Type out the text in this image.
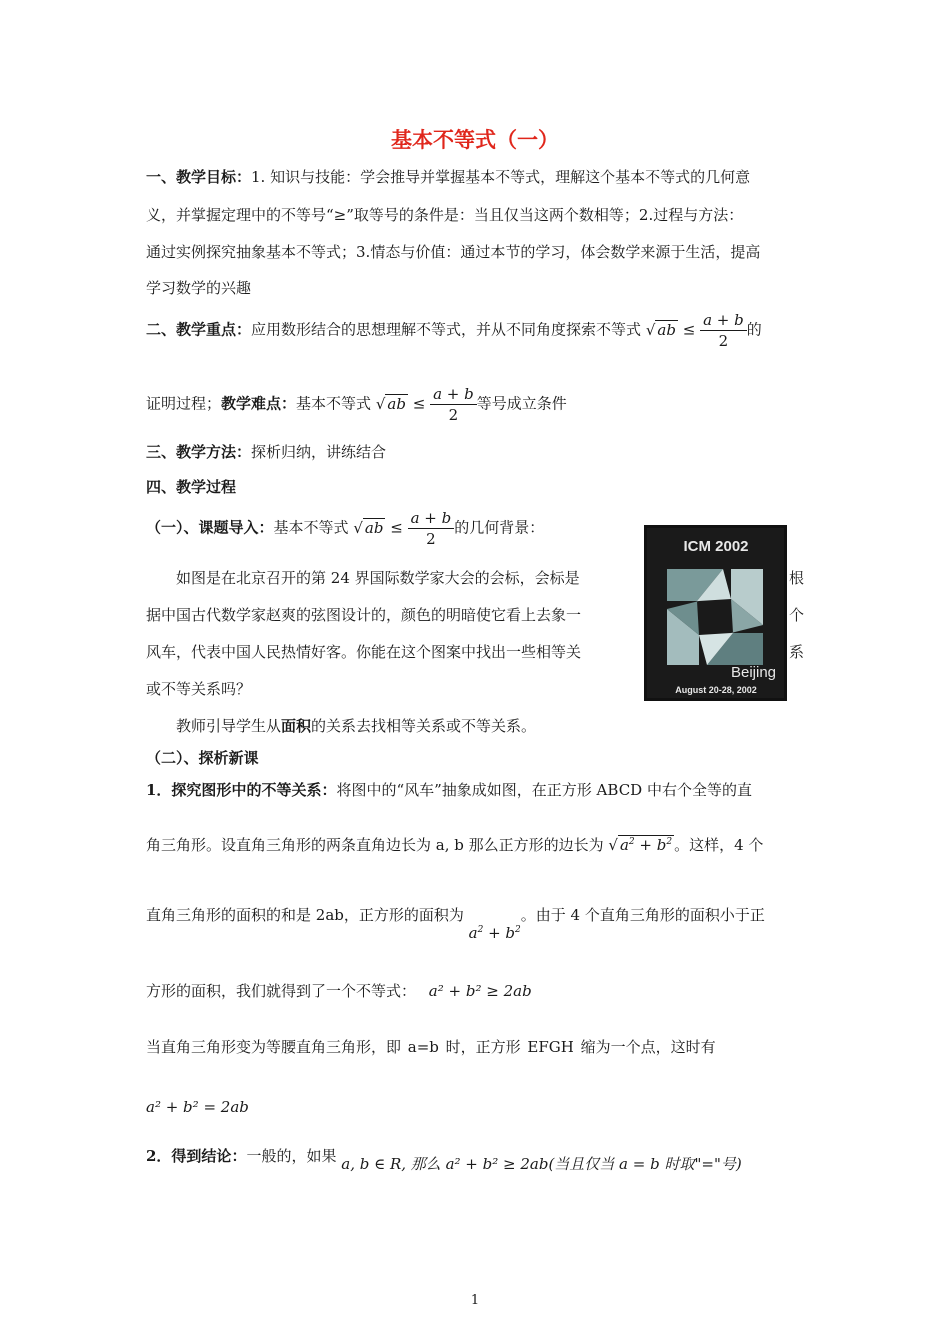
基本不等式（一）
一、教学目标：1. 知识与技能：学会推导并掌握基本不等式，理解这个基本不等式的几何意
义，并掌握定理中的不等号“≥”取等号的条件是：当且仅当这两个数相等；2.过程与方法：
通过实例探究抽象基本不等式；3.情态与价值：通过本节的学习，体会数学来源于生活，提高
学习数学的兴趣
二、教学重点：应用数形结合的思想理解不等式，并从不同角度探索不等式 √ ab ≤ $\frac{a + b}{2}$ 的
证明过程；教学难点：基本不等式 √ ab ≤ $\frac{a + b}{2}$ 等号成立条件
三、教学方法：探析归纳，讲练结合
四、教学过程
（一）、课题导入：基本不等式 √ ab ≤ $\frac{a + b}{2}$ 的几何背景：
如图是在北京召开的第 24 界国际数学家大会的会标，会标是
据中国古代数学家赵爽的弦图设计的，颜色的明暗使它看上去象一
风车，代表中国人民热情好客。你能在这个图案中找出一些相等关
或不等关系吗？
根
个
系
ICM 2002
Beijing
August 20-28, 2002
教师引导学生从面积的关系去找相等关系或不等关系。
（二）、探析新课
1．探究图形中的不等关系：将图中的“风车”抽象成如图，在正方形 ABCD 中右个全等的直
角三角形。设直角三角形的两条直角边长为 a, b 那么正方形的边长为 √ $a^2 + b^2$ 。这样，4 个
直角三角形的面积的和是 2ab，正方形的面积为 $a^2 + b^2$。由于 4 个直角三角形的面积小于正
方形的面积，我们就得到了一个不等式： a² + b² ≥ 2ab
当直角三角形变为等腰直角三角形，即 a=b 时，正方形 EFGH 缩为一个点，这时有
a² + b² = 2ab
2．得到结论：一般的，如果 a, b ∈ R, 那么 a² + b² ≥ 2ab(当且仅当 a = b 时取"="号)
1
